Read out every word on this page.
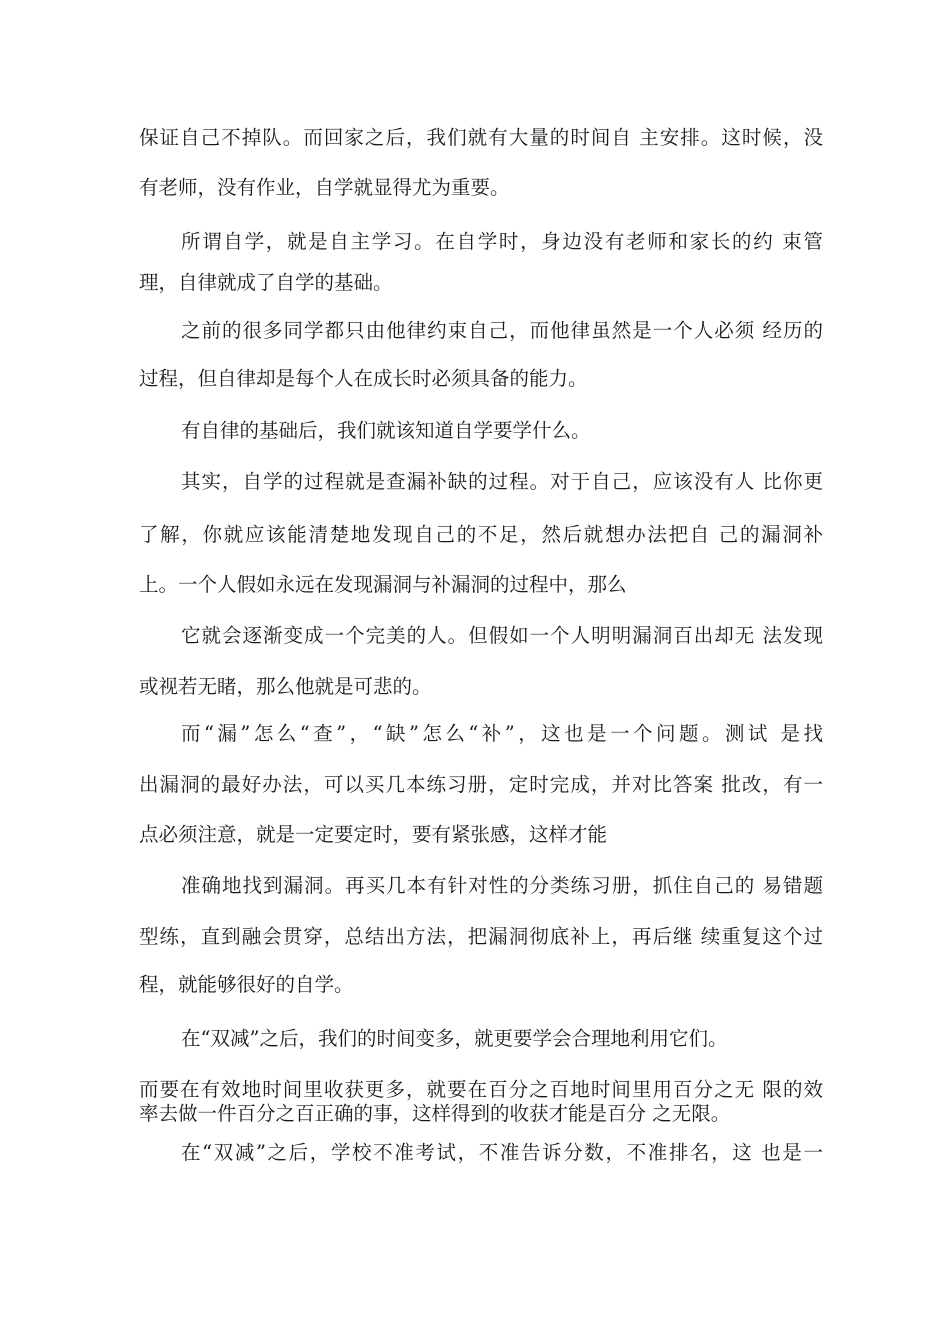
保证自己不掉队。而回家之后，我们就有大量的时间自 主安排。这时候，没

有老师，没有作业，自学就显得尤为重要。

所谓自学，就是自主学习。在自学时，身边没有老师和家长的约 束管

理，自律就成了自学的基础。

之前的很多同学都只由他律约束自己，而他律虽然是一个人必须 经历的

过程，但自律却是每个人在成长时必须具备的能力。

有自律的基础后，我们就该知道自学要学什么。

其实，自学的过程就是查漏补缺的过程。对于自己，应该没有人 比你更

了解，你就应该能清楚地发现自己的不足，然后就想办法把自 己的漏洞补

上。一个人假如永远在发现漏洞与补漏洞的过程中，那么

它就会逐渐变成一个完美的人。但假如一个人明明漏洞百出却无 法发现

或视若无睹，那么他就是可悲的。

而“漏”怎么“查”，“缺”怎么“补”，这也是一个问题。测试 是找

出漏洞的最好办法，可以买几本练习册，定时完成，并对比答案 批改，有一

点必须注意，就是一定要定时，要有紧张感，这样才能

准确地找到漏洞。再买几本有针对性的分类练习册，抓住自己的 易错题

型练，直到融会贯穿，总结出方法，把漏洞彻底补上，再后继 续重复这个过

程，就能够很好的自学。

在“双减”之后，我们的时间变多，就更要学会合理地利用它们。

而要在有效地时间里收获更多，就要在百分之百地时间里用百分之无 限的效

率去做一件百分之百正确的事，这样得到的收获才能是百分 之无限。

在“双减”之后，学校不准考试，不准告诉分数，不准排名，这 也是一
